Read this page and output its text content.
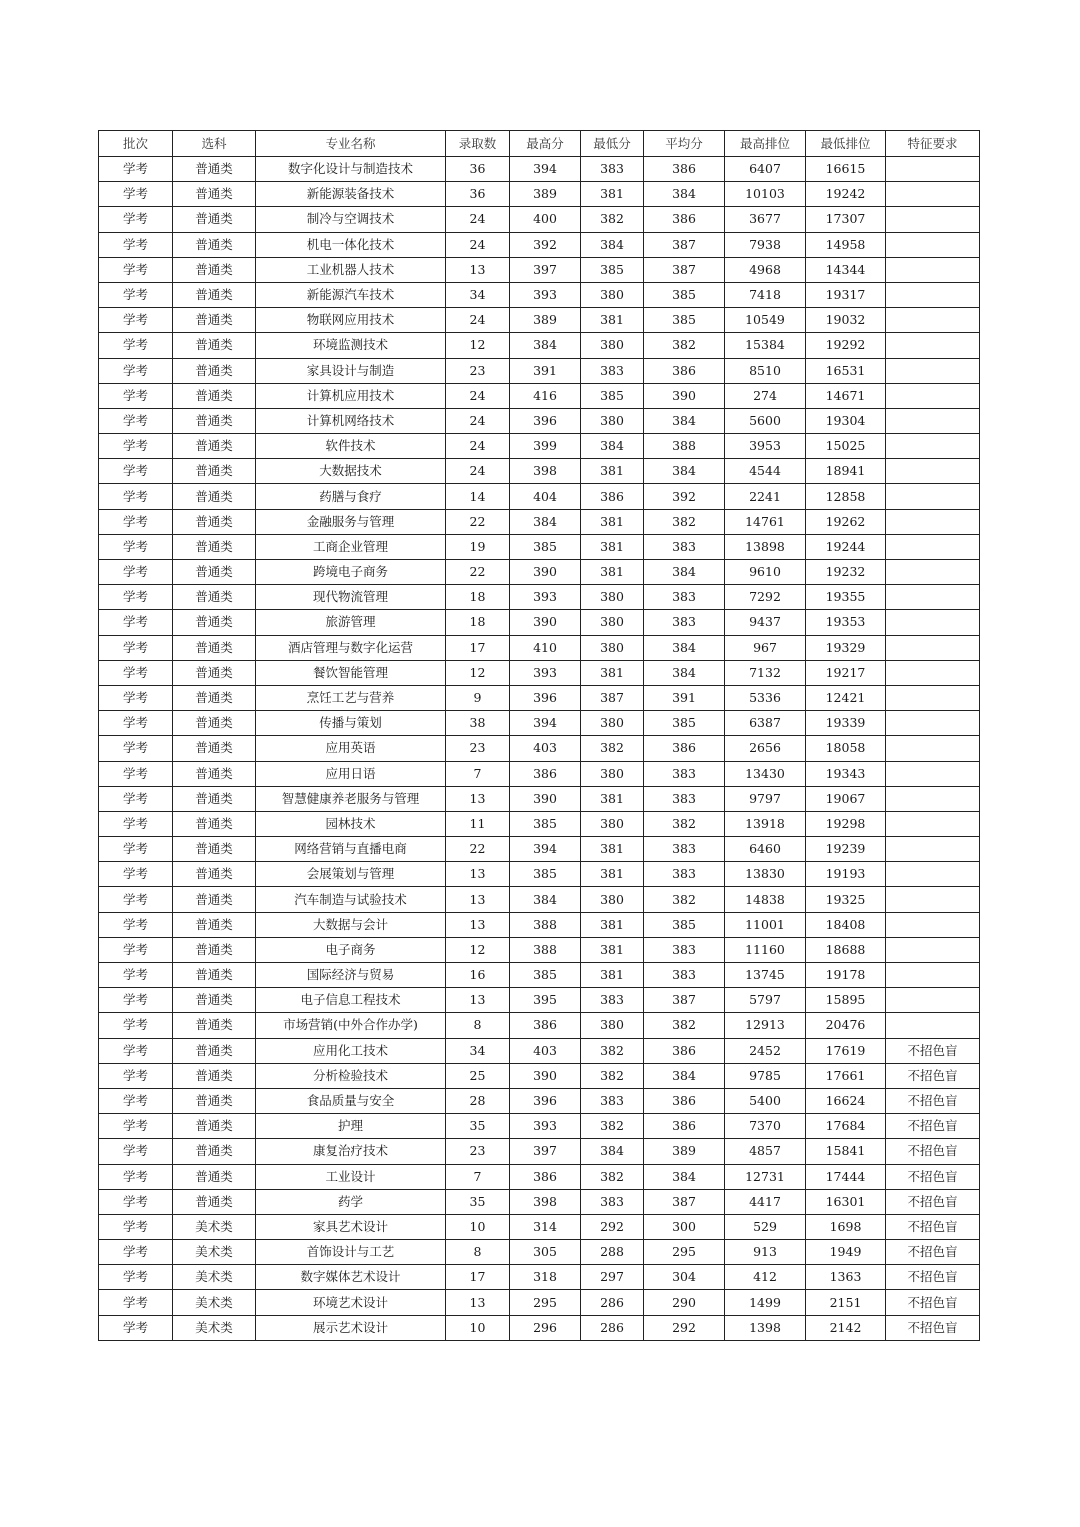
批次	选科	专业名称	录取数	最高分	最低分	平均分	最高排位	最低排位	特征要求
学考	普通类	数字化设计与制造技术	36	394	383	386	6407	16615	
学考	普通类	新能源装备技术	36	389	381	384	10103	19242	
学考	普通类	制冷与空调技术	24	400	382	386	3677	17307	
学考	普通类	机电一体化技术	24	392	384	387	7938	14958	
学考	普通类	工业机器人技术	13	397	385	387	4968	14344	
学考	普通类	新能源汽车技术	34	393	380	385	7418	19317	
学考	普通类	物联网应用技术	24	389	381	385	10549	19032	
学考	普通类	环境监测技术	12	384	380	382	15384	19292	
学考	普通类	家具设计与制造	23	391	383	386	8510	16531	
学考	普通类	计算机应用技术	24	416	385	390	274	14671	
学考	普通类	计算机网络技术	24	396	380	384	5600	19304	
学考	普通类	软件技术	24	399	384	388	3953	15025	
学考	普通类	大数据技术	24	398	381	384	4544	18941	
学考	普通类	药膳与食疗	14	404	386	392	2241	12858	
学考	普通类	金融服务与管理	22	384	381	382	14761	19262	
学考	普通类	工商企业管理	19	385	381	383	13898	19244	
学考	普通类	跨境电子商务	22	390	381	384	9610	19232	
学考	普通类	现代物流管理	18	393	380	383	7292	19355	
学考	普通类	旅游管理	18	390	380	383	9437	19353	
学考	普通类	酒店管理与数字化运营	17	410	380	384	967	19329	
学考	普通类	餐饮智能管理	12	393	381	384	7132	19217	
学考	普通类	烹饪工艺与营养	9	396	387	391	5336	12421	
学考	普通类	传播与策划	38	394	380	385	6387	19339	
学考	普通类	应用英语	23	403	382	386	2656	18058	
学考	普通类	应用日语	7	386	380	383	13430	19343	
学考	普通类	智慧健康养老服务与管理	13	390	381	383	9797	19067	
学考	普通类	园林技术	11	385	380	382	13918	19298	
学考	普通类	网络营销与直播电商	22	394	381	383	6460	19239	
学考	普通类	会展策划与管理	13	385	381	383	13830	19193	
学考	普通类	汽车制造与试验技术	13	384	380	382	14838	19325	
学考	普通类	大数据与会计	13	388	381	385	11001	18408	
学考	普通类	电子商务	12	388	381	383	11160	18688	
学考	普通类	国际经济与贸易	16	385	381	383	13745	19178	
学考	普通类	电子信息工程技术	13	395	383	387	5797	15895	
学考	普通类	市场营销(中外合作办学)	8	386	380	382	12913	20476	
学考	普通类	应用化工技术	34	403	382	386	2452	17619	不招色盲
学考	普通类	分析检验技术	25	390	382	384	9785	17661	不招色盲
学考	普通类	食品质量与安全	28	396	383	386	5400	16624	不招色盲
学考	普通类	护理	35	393	382	386	7370	17684	不招色盲
学考	普通类	康复治疗技术	23	397	384	389	4857	15841	不招色盲
学考	普通类	工业设计	7	386	382	384	12731	17444	不招色盲
学考	普通类	药学	35	398	383	387	4417	16301	不招色盲
学考	美术类	家具艺术设计	10	314	292	300	529	1698	不招色盲
学考	美术类	首饰设计与工艺	8	305	288	295	913	1949	不招色盲
学考	美术类	数字媒体艺术设计	17	318	297	304	412	1363	不招色盲
学考	美术类	环境艺术设计	13	295	286	290	1499	2151	不招色盲
学考	美术类	展示艺术设计	10	296	286	292	1398	2142	不招色盲
